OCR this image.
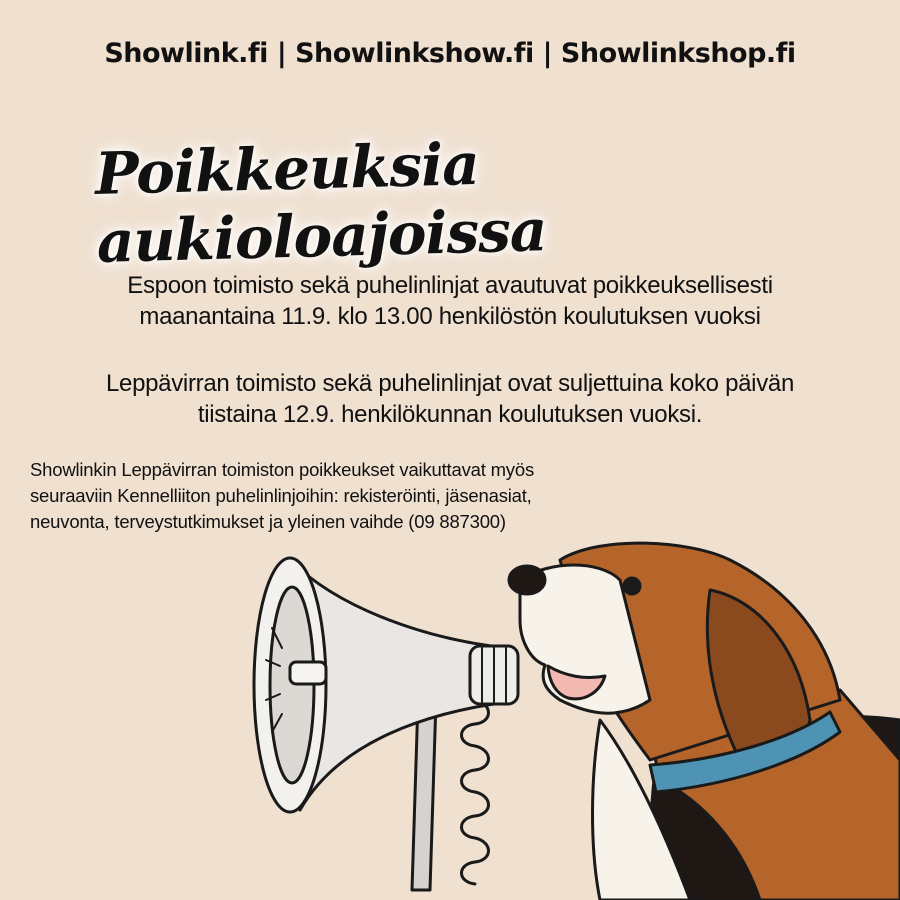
Showlink.fi | Showlinkshow.fi | Showlinkshop.fi
Poikkeuksia aukioloajoissa
Espoon toimisto sekä puhelinlinjat avautuvat poikkeuksellisesti
maanantaina 11.9. klo 13.00 henkilöstön koulutuksen vuoksi
Leppävirran toimisto sekä puhelinlinjat ovat suljettuina koko päivän
tiistaina 12.9. henkilökunnan koulutuksen vuoksi.
Showlinkin Leppävirran toimiston poikkeukset vaikuttavat myös
seuraaviin Kennelliiton puhelinlinjoihin: rekisteröinti, jäsenasiat,
neuvonta, terveystutkimukset ja yleinen vaihde (09 887300)
